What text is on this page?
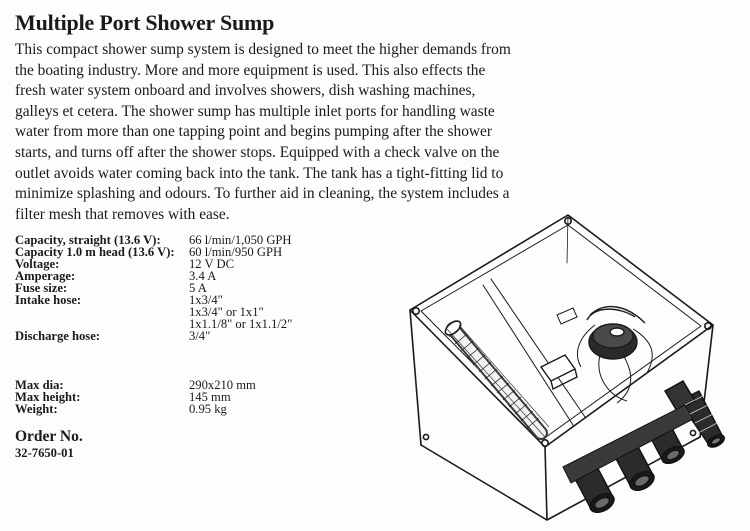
Multiple Port Shower Sump

This compact shower sump system is designed to meet the higher demands from
the boating industry. More and more equipment is used. This also effects the
fresh water system onboard and involves showers, dish washing machines,
galleys et cetera. The shower sump has multiple inlet ports for handling waste
water from more than one tapping point and begins pumping after the shower
starts, and turns off after the shower stops. Equipped with a check valve on the
outlet avoids water coming back into the tank. The tank has a tight-fitting lid to
minimize splashing and odours. To further aid in cleaning, the system includes a
filter mesh that removes with ease.

Capacity, straight (13.6 V): 66 l/min/1,050 GPH
Capacity 1.0 m head (13.6 V): 60 l/min/950 GPH
Voltage:	12 V DC
Amperage:	3.4 A
Fuse size:	5 A
Intake hose:	1x3/4"
1x3/4" or 1x1"
1x1.1/8" or 1x1.1/2"
Discharge hose:	3/4"
Max dia:	290x210 mm
Max height:	145 mm
Weight:	0.95 kg
Order No.
32-7650-01
